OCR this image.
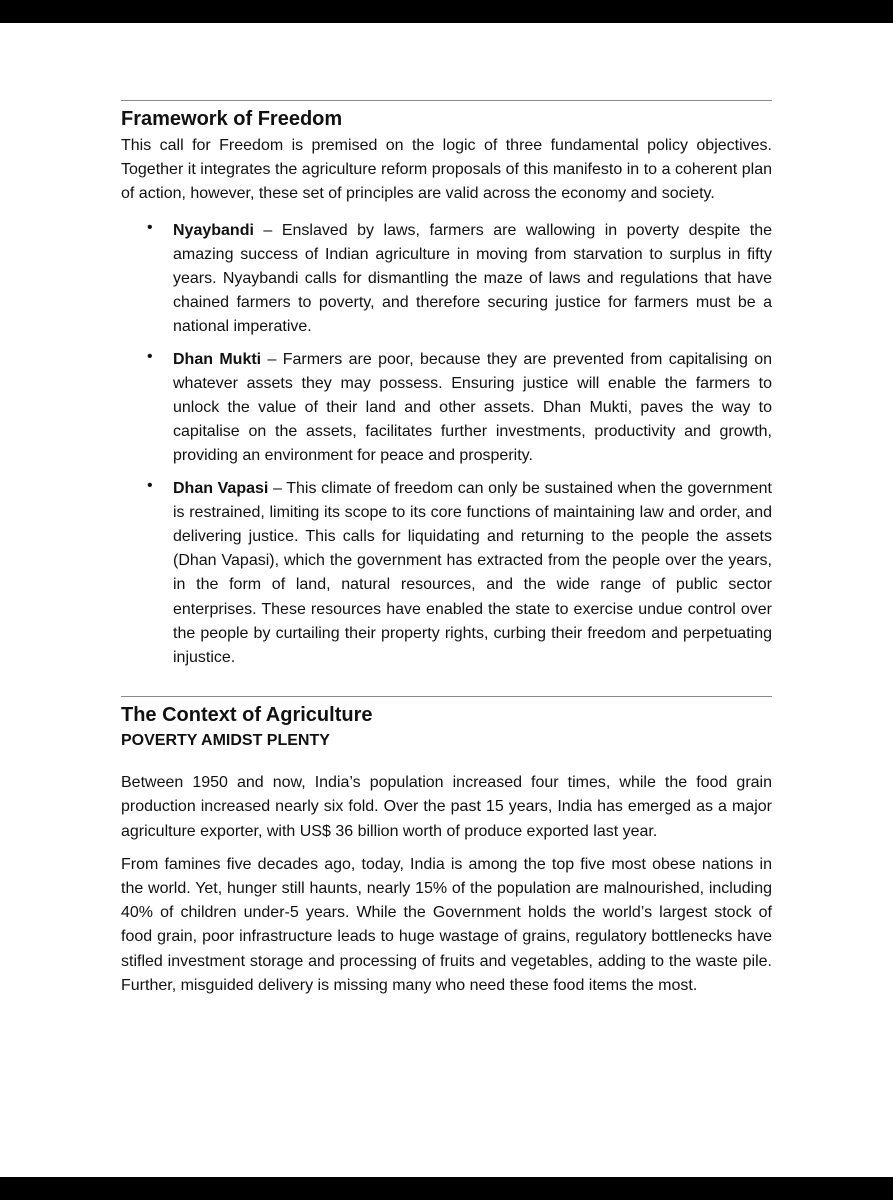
Framework of Freedom

This call for Freedom is premised on the logic of three fundamental policy objectives. Together it integrates the agriculture reform proposals of this manifesto in to a coherent plan of action, however, these set of principles are valid across the economy and society.

• Nyaybandi – Enslaved by laws, farmers are wallowing in poverty despite the amazing success of Indian agriculture in moving from starvation to surplus in fifty years. Nyaybandi calls for dismantling the maze of laws and regulations that have chained farmers to poverty, and therefore securing justice for farmers must be a national imperative.
• Dhan Mukti – Farmers are poor, because they are prevented from capitalising on whatever assets they may possess. Ensuring justice will enable the farmers to unlock the value of their land and other assets. Dhan Mukti, paves the way to capitalise on the assets, facilitates further investments, productivity and growth, providing an environment for peace and prosperity.
• Dhan Vapasi – This climate of freedom can only be sustained when the government is restrained, limiting its scope to its core functions of maintaining law and order, and delivering justice. This calls for liquidating and returning to the people the assets (Dhan Vapasi), which the government has extracted from the people over the years, in the form of land, natural resources, and the wide range of public sector enterprises. These resources have enabled the state to exercise undue control over the people by curtailing their property rights, curbing their freedom and perpetuating injustice.
The Context of Agriculture
POVERTY AMIDST PLENTY

Between 1950 and now, India’s population increased four times, while the food grain production increased nearly six fold. Over the past 15 years, India has emerged as a major agriculture exporter, with US$ 36 billion worth of produce exported last year.

From famines five decades ago, today, India is among the top five most obese nations in the world. Yet, hunger still haunts, nearly 15% of the population are malnourished, including 40% of children under-5 years. While the Government holds the world’s largest stock of food grain, poor infrastructure leads to huge wastage of grains, regulatory bottlenecks have stifled investment storage and processing of fruits and vegetables, adding to the waste pile. Further, misguided delivery is missing many who need these food items the most.
